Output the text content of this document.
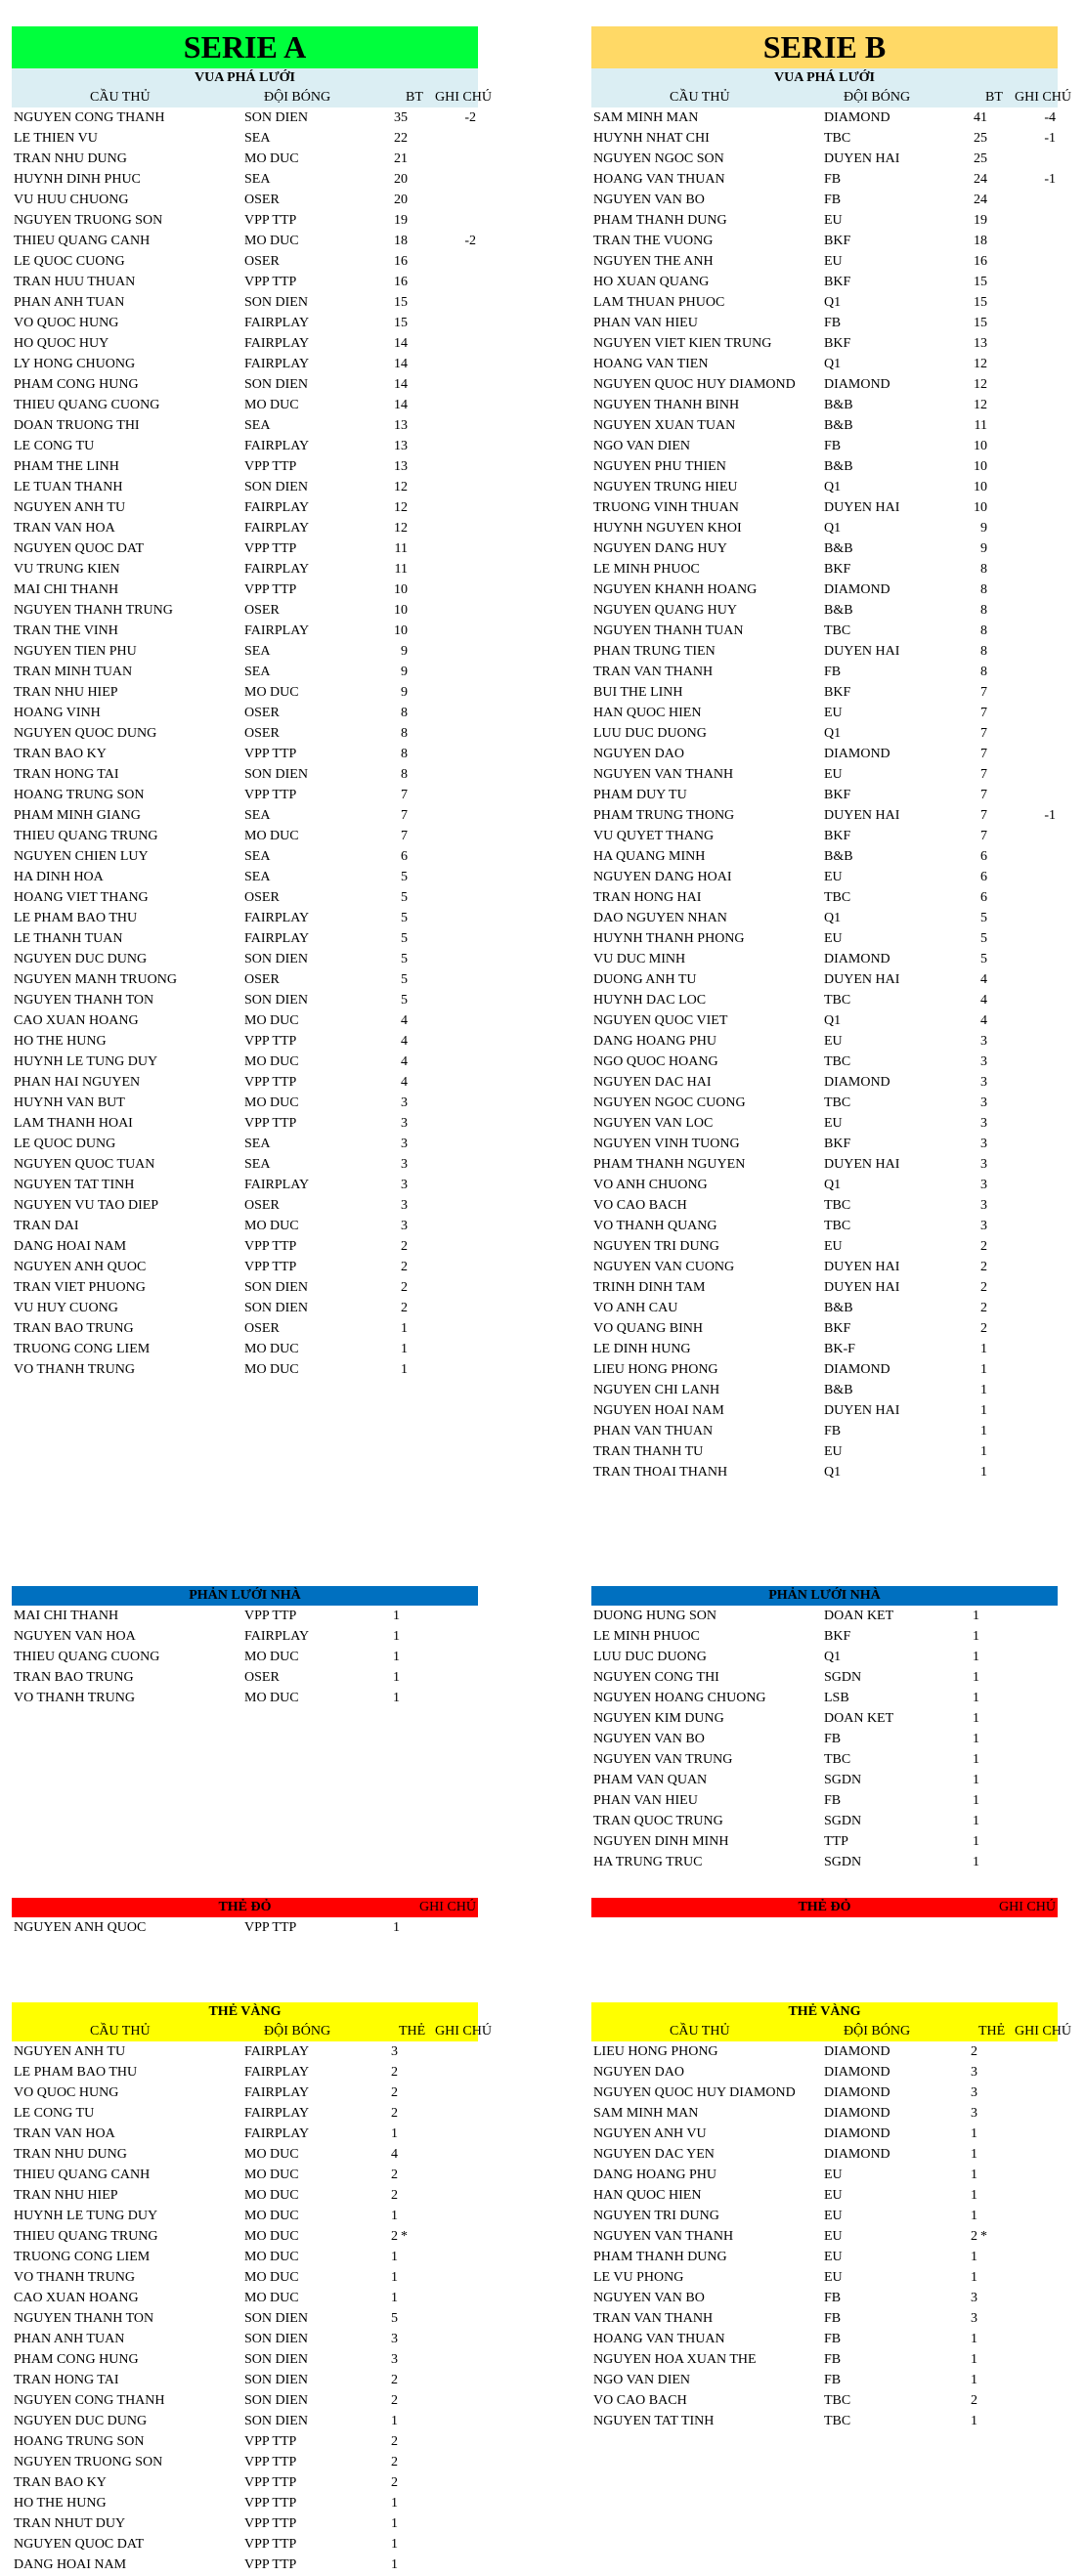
SERIE A
VUA PHÁ LƯỚI
CẦU THỦ	ĐỘI BÓNG	BT GHI CHÚ
NGUYEN CONG THANH	SON DIEN	35	-2
LE THIEN VU	SEA	22
TRAN NHU DUNG	MO DUC	21
HUYNH DINH PHUC	SEA	20
VU HUU CHUONG	OSER	20
NGUYEN TRUONG SON	VPP TTP	19
THIEU QUANG CANH	MO DUC	18	-2
LE QUOC CUONG	OSER	16
TRAN HUU THUAN	VPP TTP	16
PHAN ANH TUAN	SON DIEN	15
VO QUOC HUNG	FAIRPLAY	15
HO QUOC HUY	FAIRPLAY	14
LY HONG CHUONG	FAIRPLAY	14
PHAM CONG HUNG	SON DIEN	14
THIEU QUANG CUONG	MO DUC	14
DOAN TRUONG THI	SEA	13
LE CONG TU	FAIRPLAY	13
PHAM THE LINH	VPP TTP	13
LE TUAN THANH	SON DIEN	12
NGUYEN ANH TU	FAIRPLAY	12
TRAN VAN HOA	FAIRPLAY	12
NGUYEN QUOC DAT	VPP TTP	11
VU TRUNG KIEN	FAIRPLAY	11
MAI CHI THANH	VPP TTP	10
NGUYEN THANH TRUNG	OSER	10
TRAN THE VINH	FAIRPLAY	10
NGUYEN TIEN PHU	SEA	9
TRAN MINH TUAN	SEA	9
TRAN NHU HIEP	MO DUC	9
HOANG VINH	OSER	8
NGUYEN QUOC DUNG	OSER	8
TRAN BAO KY	VPP TTP	8
TRAN HONG TAI	SON DIEN	8
HOANG TRUNG SON	VPP TTP	7
PHAM MINH GIANG	SEA	7
THIEU QUANG TRUNG	MO DUC	7
NGUYEN CHIEN LUY	SEA	6
HA DINH HOA	SEA	5
HOANG VIET THANG	OSER	5
LE PHAM BAO THU	FAIRPLAY	5
LE THANH TUAN	FAIRPLAY	5
NGUYEN DUC DUNG	SON DIEN	5
NGUYEN MANH TRUONG	OSER	5
NGUYEN THANH TON	SON DIEN	5
CAO XUAN HOANG	MO DUC	4
HO THE HUNG	VPP TTP	4
HUYNH LE TUNG DUY	MO DUC	4
PHAN HAI NGUYEN	VPP TTP	4
HUYNH VAN BUT	MO DUC	3
LAM THANH HOAI	VPP TTP	3
LE QUOC DUNG	SEA	3
NGUYEN QUOC TUAN	SEA	3
NGUYEN TAT TINH	FAIRPLAY	3
NGUYEN VU TAO DIEP	OSER	3
TRAN DAI	MO DUC	3
DANG HOAI NAM	VPP TTP	2
NGUYEN ANH QUOC	VPP TTP	2
TRAN VIET PHUONG	SON DIEN	2
VU HUY CUONG	SON DIEN	2
TRAN BAO TRUNG	OSER	1
TRUONG CONG LIEM	MO DUC	1
VO THANH TRUNG	MO DUC	1
PHẢN LƯỚI NHÀ
MAI CHI THANH	VPP TTP	1
NGUYEN VAN HOA	FAIRPLAY	1
THIEU QUANG CUONG	MO DUC	1
TRAN BAO TRUNG	OSER	1
VO THANH TRUNG	MO DUC	1
THẺ ĐỎ	GHI CHÚ
NGUYEN ANH QUOC	VPP TTP	1
THẺ VÀNG
CẦU THỦ	ĐỘI BÓNG	THẺ GHI CHÚ
NGUYEN ANH TU	FAIRPLAY	3
LE PHAM BAO THU	FAIRPLAY	2
VO QUOC HUNG	FAIRPLAY	2
LE CONG TU	FAIRPLAY	2
TRAN VAN HOA	FAIRPLAY	1
TRAN NHU DUNG	MO DUC	4
THIEU QUANG CANH	MO DUC	2
TRAN NHU HIEP	MO DUC	2
HUYNH LE TUNG DUY	MO DUC	1
THIEU QUANG TRUNG	MO DUC	2 *
TRUONG CONG LIEM	MO DUC	1
VO THANH TRUNG	MO DUC	1
CAO XUAN HOANG	MO DUC	1
NGUYEN THANH TON	SON DIEN	5
PHAN ANH TUAN	SON DIEN	3
PHAM CONG HUNG	SON DIEN	3
TRAN HONG TAI	SON DIEN	2
NGUYEN CONG THANH	SON DIEN	2
NGUYEN DUC DUNG	SON DIEN	1
HOANG TRUNG SON	VPP TTP	2
NGUYEN TRUONG SON	VPP TTP	2
TRAN BAO KY	VPP TTP	2
HO THE HUNG	VPP TTP	1
TRAN NHUT DUY	VPP TTP	1
NGUYEN QUOC DAT	VPP TTP	1
DANG HOAI NAM	VPP TTP	1
SERIE B
VUA PHÁ LƯỚI
CẦU THỦ	ĐỘI BÓNG	BT GHI CHÚ
SAM MINH MAN	DIAMOND	41	-4
HUYNH NHAT CHI	TBC	25	-1
NGUYEN NGOC SON	DUYEN HAI	25
HOANG VAN THUAN	FB	24	-1
NGUYEN VAN BO	FB	24
PHAM THANH DUNG	EU	19
TRAN THE VUONG	BKF	18
NGUYEN THE ANH	EU	16
HO XUAN QUANG	BKF	15
LAM THUAN PHUOC	Q1	15
PHAN VAN HIEU	FB	15
NGUYEN VIET KIEN TRUNG	BKF	13
HOANG VAN TIEN	Q1	12
NGUYEN QUOC HUY DIAMOND DIAMOND	12
NGUYEN THANH BINH	B&B	12
NGUYEN XUAN TUAN	B&B	11
NGO VAN DIEN	FB	10
NGUYEN PHU THIEN	B&B	10
NGUYEN TRUNG HIEU	Q1	10
TRUONG VINH THUAN	DUYEN HAI	10
HUYNH NGUYEN KHOI	Q1	9
NGUYEN DANG HUY	B&B	9
LE MINH PHUOC	BKF	8
NGUYEN KHANH HOANG	DIAMOND	8
NGUYEN QUANG HUY	B&B	8
NGUYEN THANH TUAN	TBC	8
PHAN TRUNG TIEN	DUYEN HAI	8
TRAN VAN THANH	FB	8
BUI THE LINH	BKF	7
HAN QUOC HIEN	EU	7
LUU DUC DUONG	Q1	7
NGUYEN DAO	DIAMOND	7
NGUYEN VAN THANH	EU	7
PHAM DUY TU	BKF	7
PHAM TRUNG THONG	DUYEN HAI	7	-1
VU QUYET THANG	BKF	7
HA QUANG MINH	B&B	6
NGUYEN DANG HOAI	EU	6
TRAN HONG HAI	TBC	6
DAO NGUYEN NHAN	Q1	5
HUYNH THANH PHONG	EU	5
VU DUC MINH	DIAMOND	5
DUONG ANH TU	DUYEN HAI	4
HUYNH DAC LOC	TBC	4
NGUYEN QUOC VIET	Q1	4
DANG HOANG PHU	EU	3
NGO QUOC HOANG	TBC	3
NGUYEN DAC HAI	DIAMOND	3
NGUYEN NGOC CUONG	TBC	3
NGUYEN VAN LOC	EU	3
NGUYEN VINH TUONG	BKF	3
PHAM THANH NGUYEN	DUYEN HAI	3
VO ANH CHUONG	Q1	3
VO CAO BACH	TBC	3
VO THANH QUANG	TBC	3
NGUYEN TRI DUNG	EU	2
NGUYEN VAN CUONG	DUYEN HAI	2
TRINH DINH TAM	DUYEN HAI	2
VO ANH CAU	B&B	2
VO QUANG BINH	BKF	2
LE DINH HUNG	BK-F	1
LIEU HONG PHONG	DIAMOND	1
NGUYEN CHI LANH	B&B	1
NGUYEN HOAI NAM	DUYEN HAI	1
PHAN VAN THUAN	FB	1
TRAN THANH TU	EU	1
TRAN THOAI THANH	Q1	1
PHẢN LƯỚI NHÀ
DUONG HUNG SON	DOAN KET	1
LE MINH PHUOC	BKF	1
LUU DUC DUONG	Q1	1
NGUYEN CONG THI	SGDN	1
NGUYEN HOANG CHUONG	LSB	1
NGUYEN KIM DUNG	DOAN KET	1
NGUYEN VAN BO	FB	1
NGUYEN VAN TRUNG	TBC	1
PHAM VAN QUAN	SGDN	1
PHAN VAN HIEU	FB	1
TRAN QUOC TRUNG	SGDN	1
NGUYEN DINH MINH	TTP	1
HA TRUNG TRUC	SGDN	1
THẺ ĐỎ	GHI CHÚ
THẺ VÀNG
CẦU THỦ	ĐỘI BÓNG	THẺ GHI CHÚ
LIEU HONG PHONG	DIAMOND	2
NGUYEN DAO	DIAMOND	3
NGUYEN QUOC HUY DIAMOND DIAMOND	3
SAM MINH MAN	DIAMOND	3
NGUYEN ANH VU	DIAMOND	1
NGUYEN DAC YEN	DIAMOND	1
DANG HOANG PHU	EU	1
HAN QUOC HIEN	EU	1
NGUYEN TRI DUNG	EU	1
NGUYEN VAN THANH	EU	2 *
PHAM THANH DUNG	EU	1
LE VU PHONG	EU	1
NGUYEN VAN BO	FB	3
TRAN VAN THANH	FB	3
HOANG VAN THUAN	FB	1
NGUYEN HOA XUAN THE	FB	1
NGO VAN DIEN	FB	1
VO CAO BACH	TBC	2
NGUYEN TAT TINH	TBC	1
